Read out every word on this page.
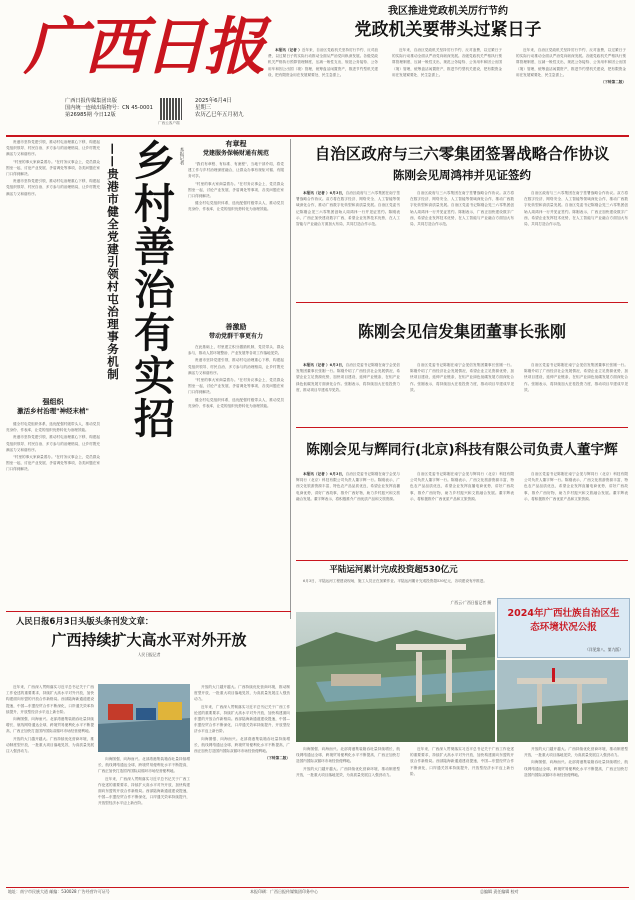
广西日报
广西日报传媒集团出版
国内统一连续出版物号：CN 45-0001
第26985期 今日12版
广西云客户端
2025年6月4日
星期三
农历乙巳年五月初九
我区推进党政机关厉行节约
党政机关要带头过紧日子

本报讯（记者 ）近年来，自治区党政机关坚持厉行节约、反对浪费，以过紧日子的实际行动推动全面从严治党向纵深发展。各级党政机关严格执行预算管理制度，压减一般性支出，规范公务接待、公务用车和因公出国（境）管理，统筹盘活闲置资产，推进节约型机关建设，把有限资金用在发展紧要处、民生急需上。

近年来，自治区党政机关坚持厉行节约、反对浪费，以过紧日子的实际行动推动全面从严治党向纵深发展。各级党政机关严格执行预算管理制度，压减一般性支出，规范公务接待、公务用车和因公出国（境）管理，统筹盘活闲置资产，推进节约型机关建设，把有限资金用在发展紧要处、民生急需上。

近年来，自治区党政机关坚持厉行节约、反对浪费，以过紧日子的实际行动推动全面从严治党向纵深发展。各级党政机关严格执行预算管理制度，压减一般性支出，规范公务接待、公务用车和因公出国（境）管理，统筹盘活闲置资产，推进节约型机关建设，把有限资金用在发展紧要处、民生急需上。

（下转第二版）

贵港市坚持党建引领，推动村屯治理重心下移，构建起党组织领导、村民自治、多方参与的治理格局，让乡村既充满活力又和谐有序。

"村里的事大家商量着办。"在村务议事会上，党员群众围坐一起，讨论产业发展、矛盾调处等事项，各类问题在家门口得到解决。

贵港市坚持党建引领，推动村屯治理重心下移，构建起党组织领导、村民自治、多方参与的治理格局，让乡村既充满活力又和谐有序。

强组织
激活乡村治理"神经末梢"

健全村屯党组织体系，选优配强村级带头人，推动党员亮身份、作表率，让党的组织优势转化为治理效能。

贵港市坚持党建引领，推动村屯治理重心下移，构建起党组织领导、村民自治、多方参与的治理格局，让乡村既充满活力又和谐有序。

"村里的事大家商量着办。"在村务议事会上，党员群众围坐一起，讨论产业发展、矛盾调处等事项，各类问题在家门口得到解决。

——贵港市健全党建引领村屯治理事务机制 乡村善治有实招 本报记者
有章程
党建服务保畅财通有规范

"我们有章程、有标准、有流程"，当地干部介绍，将党建工作与乡村治理深度融合，让群众办事有规矩可循、有服务可享。

"村里的事大家商量着办。"在村务议事会上，党员群众围坐一起，讨论产业发展、矛盾调处等事项，各类问题在家门口得到解决。

健全村屯党组织体系，选优配强村级带头人，推动党员亮身份、作表率，让党的组织优势转化为治理效能。

善激励
带动党群干事更有力

在此基础上，村里建立积分激励机制，党员带头、群众参与，推动人居环境整治、产业发展等各项工作落地见效。

贵港市坚持党建引领，推动村屯治理重心下移，构建起党组织领导、村民自治、多方参与的治理格局，让乡村既充满活力又和谐有序。

"村里的事大家商量着办。"在村务议事会上，党员群众围坐一起，讨论产业发展、矛盾调处等事项，各类问题在家门口得到解决。

健全村屯党组织体系，选优配强村级带头人，推动党员亮身份、作表率，让党的组织优势转化为治理效能。

自治区政府与三六零集团签署战略合作协议
陈刚会见周鸿祎并见证签约

本报讯（记者 ）6月3日，自治区政府与三六零集团在南宁签署战略合作协议。双方将在数字经济、网络安全、人工智能等领域深化合作，推动广西数字化转型和高质量发展。自治区党委书记陈刚会见三六零集团创始人周鸿祎一行并见证签约。陈刚表示，广西正加快建设数字广西，希望企业发挥技术优势，在人工智能与产业融合方面加大布局，共同打造合作示范。

自治区政府与三六零集团在南宁签署战略合作协议。双方将在数字经济、网络安全、人工智能等领域深化合作，推动广西数字化转型和高质量发展。自治区党委书记陈刚会见三六零集团创始人周鸿祎一行并见证签约。陈刚表示，广西正加快建设数字广西，希望企业发挥技术优势，在人工智能与产业融合方面加大布局，共同打造合作示范。

自治区政府与三六零集团在南宁签署战略合作协议。双方将在数字经济、网络安全、人工智能等领域深化合作，推动广西数字化转型和高质量发展。自治区党委书记陈刚会见三六零集团创始人周鸿祎一行并见证签约。陈刚表示，广西正加快建设数字广西，希望企业发挥技术优势，在人工智能与产业融合方面加大布局，共同打造合作示范。

陈刚会见信发集团董事长张刚

本报讯（记者 ）6月3日，自治区党委书记陈刚在南宁会见信发集团董事长张刚一行。陈刚介绍了广西经济社会发展情况，希望企业立足资源优势，加快项目建设，延伸产业链条，在铝产业绿色低碳发展方面深化合作。张刚表示，将持续加大在桂投资力度，推动项目早建成早见效。

自治区党委书记陈刚在南宁会见信发集团董事长张刚一行。陈刚介绍了广西经济社会发展情况，希望企业立足资源优势，加快项目建设，延伸产业链条，在铝产业绿色低碳发展方面深化合作。张刚表示，将持续加大在桂投资力度，推动项目早建成早见效。

自治区党委书记陈刚在南宁会见信发集团董事长张刚一行。陈刚介绍了广西经济社会发展情况，希望企业立足资源优势，加快项目建设，延伸产业链条，在铝产业绿色低碳发展方面深化合作。张刚表示，将持续加大在桂投资力度，推动项目早建成早见效。

陈刚会见与辉同行(北京)科技有限公司负责人董宇辉

本报讯（记者 ）6月3日，自治区党委书记陈刚在南宁会见与辉同行（北京）科技有限公司负责人董宇辉一行。陈刚表示，广西文化旅游资源丰富，特色农产品品质优良，希望企业发挥直播电商优势，讲好广西故事，推介广西好物，助力乡村振兴和文旅融合发展。董宇辉表示，将积极推介广西优质产品和文旅资源。

自治区党委书记陈刚在南宁会见与辉同行（北京）科技有限公司负责人董宇辉一行。陈刚表示，广西文化旅游资源丰富，特色农产品品质优良，希望企业发挥直播电商优势，讲好广西故事，推介广西好物，助力乡村振兴和文旅融合发展。董宇辉表示，将积极推介广西优质产品和文旅资源。

自治区党委书记陈刚在南宁会见与辉同行（北京）科技有限公司负责人董宇辉一行。陈刚表示，广西文化旅游资源丰富，特色农产品品质优良，希望企业发挥直播电商优势，讲好广西故事，推介广西好物，助力乡村振兴和文旅融合发展。董宇辉表示，将积极推介广西优质产品和文旅资源。

平陆运河累计完成投资超530亿元

6月3日，平陆运河工程建设现场，施工人员正在加紧作业。平陆运河累计完成投资超530亿元，各项建设有序推进。

广西云·广西日报记者 摄
2024年广西壮族自治区生态环境状况公报
（详见第八、第九版）
人民日报6月3日头版头条刊发文章：
广西持续扩大高水平对外开放
人民日报记者

近年来，广西深入贯彻落实习近平总书记关于广西工作论述的重要要求，持续扩大高水平对外开放，加快构建面向东盟的开放合作新格局。西部陆海新通道建设提速，中国—东盟经贸合作不断深化，口岸通关效率持续提升，开放型经济水平迈上新台阶。

向海图强、向海而兴。北部湾港集装箱吞吐量持续增长，航线网络通达全球，跨境贸易便利化水平不断提高，广西正加快打造国内国际双循环市场经营便利地。

开放的大门越开越大。广西持续优化营商环境，推动制度型开放，一批重大项目落地见效，为高质量发展注入强劲动力。

向海图强、向海而兴。北部湾港集装箱吞吐量持续增长，航线网络通达全球，跨境贸易便利化水平不断提高，广西正加快打造国内国际双循环市场经营便利地。

近年来，广西深入贯彻落实习近平总书记关于广西工作论述的重要要求，持续扩大高水平对外开放，加快构建面向东盟的开放合作新格局。西部陆海新通道建设提速，中国—东盟经贸合作不断深化，口岸通关效率持续提升，开放型经济水平迈上新台阶。

开放的大门越开越大。广西持续优化营商环境，推动制度型开放，一批重大项目落地见效，为高质量发展注入强劲动力。

近年来，广西深入贯彻落实习近平总书记关于广西工作论述的重要要求，持续扩大高水平对外开放，加快构建面向东盟的开放合作新格局。西部陆海新通道建设提速，中国—东盟经贸合作不断深化，口岸通关效率持续提升，开放型经济水平迈上新台阶。

向海图强、向海而兴。北部湾港集装箱吞吐量持续增长，航线网络通达全球，跨境贸易便利化水平不断提高，广西正加快打造国内国际双循环市场经营便利地。

（下转第二版）

向海图强、向海而兴。北部湾港集装箱吞吐量持续增长，航线网络通达全球，跨境贸易便利化水平不断提高，广西正加快打造国内国际双循环市场经营便利地。

开放的大门越开越大。广西持续优化营商环境，推动制度型开放，一批重大项目落地见效，为高质量发展注入强劲动力。

近年来，广西深入贯彻落实习近平总书记关于广西工作论述的重要要求，持续扩大高水平对外开放，加快构建面向东盟的开放合作新格局。西部陆海新通道建设提速，中国—东盟经贸合作不断深化，口岸通关效率持续提升，开放型经济水平迈上新台阶。

开放的大门越开越大。广西持续优化营商环境，推动制度型开放，一批重大项目落地见效，为高质量发展注入强劲动力。

向海图强、向海而兴。北部湾港集装箱吞吐量持续增长，航线网络通达全球，跨境贸易便利化水平不断提高，广西正加快打造国内国际双循环市场经营便利地。

地址：南宁市民族大道 邮编：530028 广告经营许可证号	本报印刷：广西日报传媒集团印务中心	总编辑 责任编辑 校对
